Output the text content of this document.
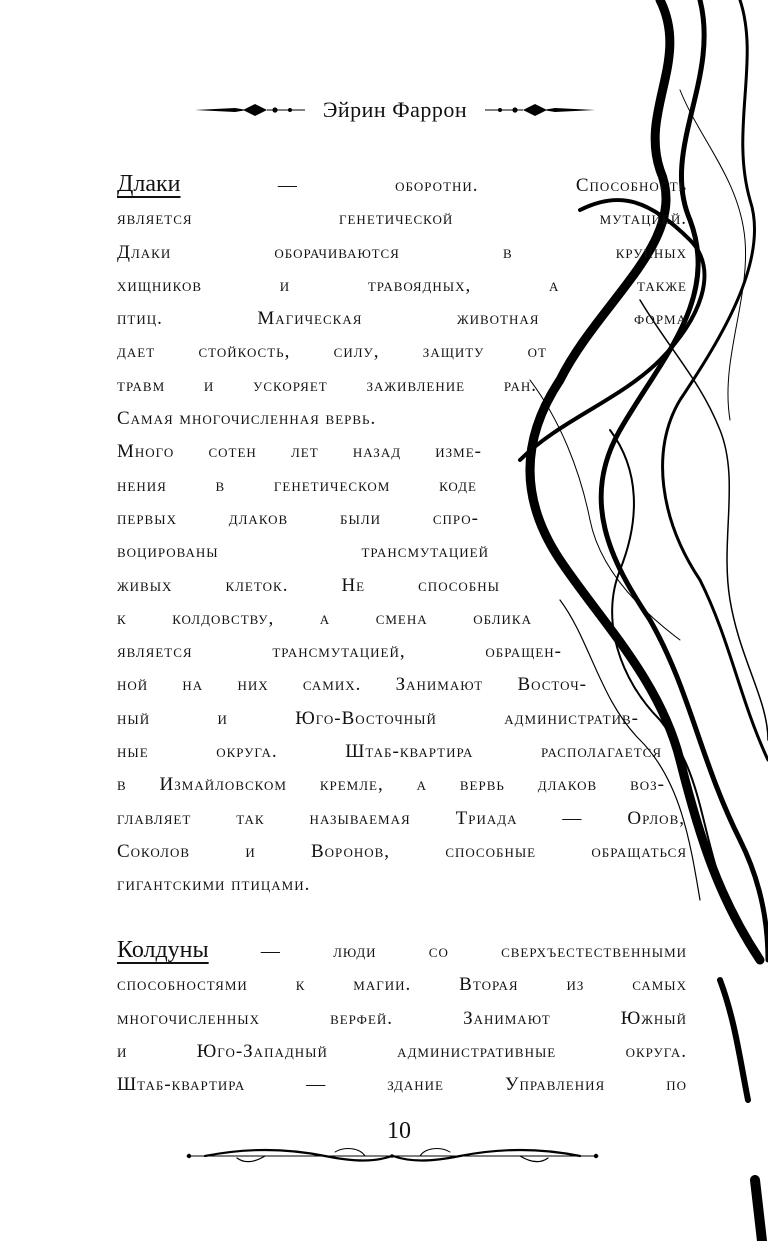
Эйрин Фаррон
Длаки	— оборотни. Способность
является генетической мутацией.
Длаки оборачиваются в крупных
хищников и травоядных, а также
птиц. Магическая животная форма
дает стойкость, силу, защиту от
травм и ускоряет заживление ран.
Самая многочисленная вервь.
Много сотен лет назад изме-
нения в генетическом коде
первых длаков были спро-
воцированы трансмутацией
живых клеток. Не способны
к колдовству, а смена облика
является трансмутацией, обращен-
ной на них самих. Занимают Восточ-
ный и Юго-Восточный административ-
ные округа. Штаб-квартира располагается
в Измайловском кремле, а вервь длаков воз-
главляет так называемая Триада — Орлов,
Соколов и Воронов, способные обращаться
гигантскими птицами.
Колдуны	— люди со сверхъестественными
способностями к магии. Вторая из самых
многочисленных верфей. Занимают Южный
и Юго-Западный административные округа.
Штаб-квартира — здание Управления по
10
